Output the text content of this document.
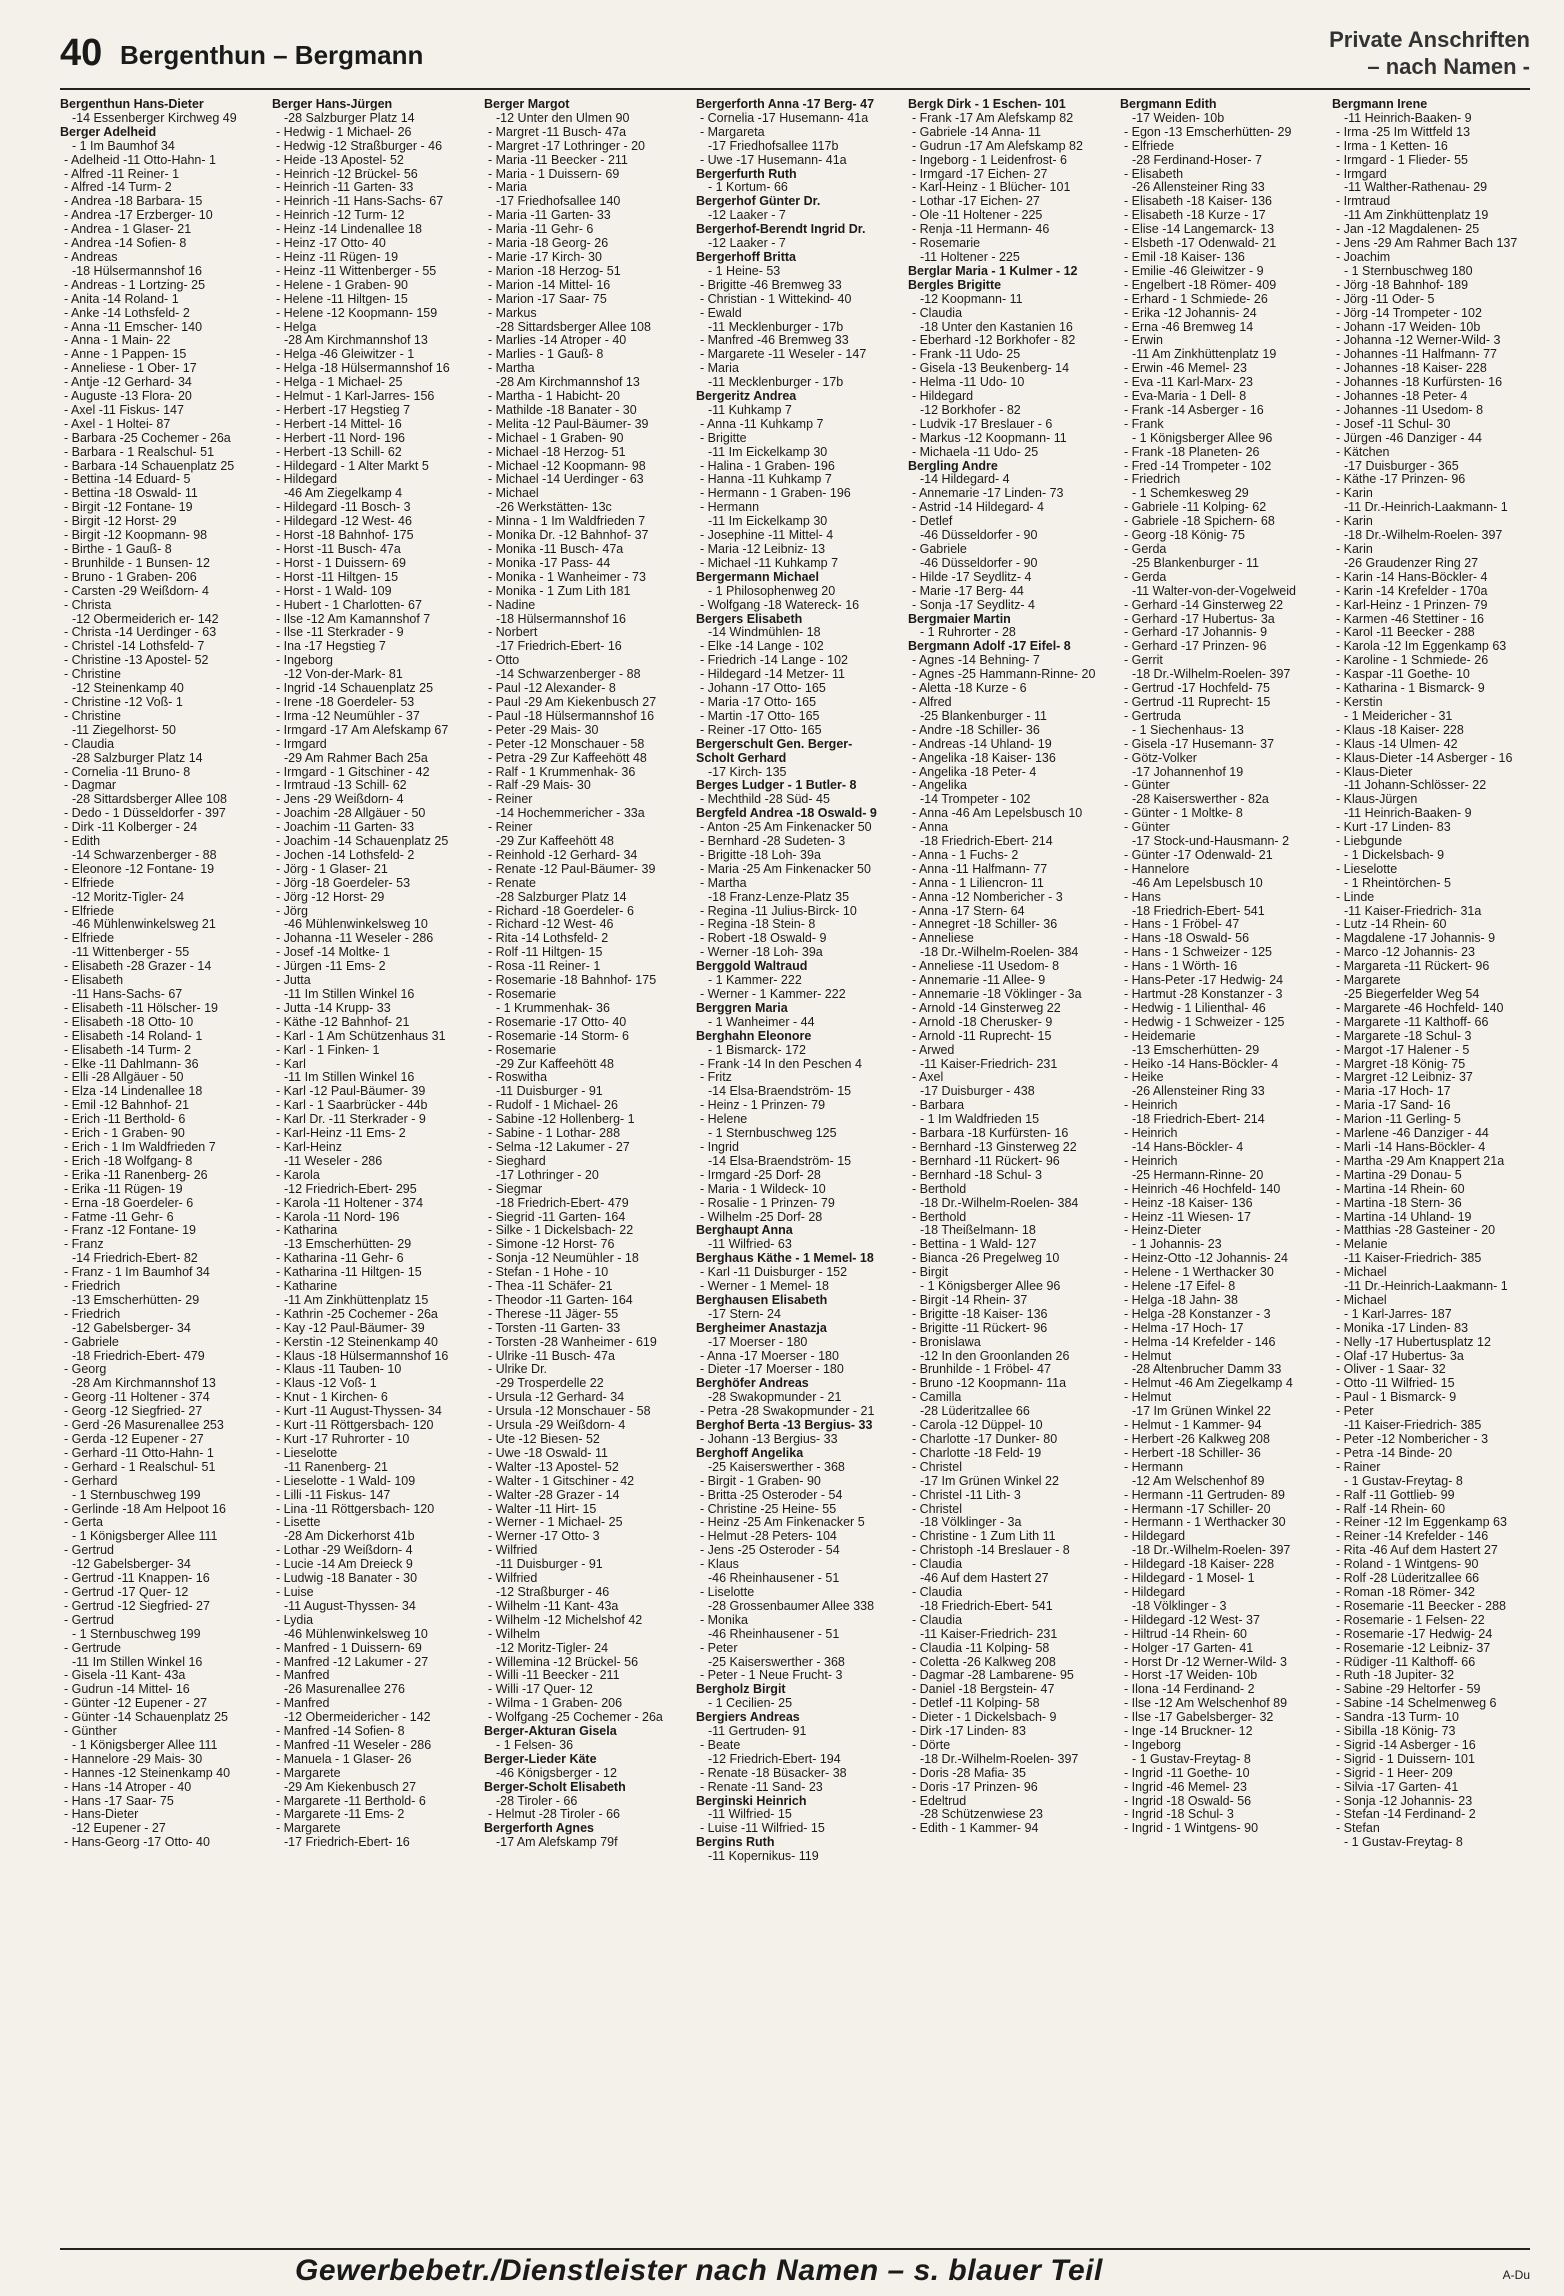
40 Bergenthun – Bergmann
Private Anschriften
– nach Namen -

Bergenthun Hans-Dieter

-14 Essenberger Kirchweg 49

Berger Adelheid

- 1 Im Baumhof 34

- Adelheid -11 Otto-Hahn- 1

- Alfred -11 Reiner- 1

- Alfred -14 Turm- 2

- Andrea -18 Barbara- 15

- Andrea -17 Erzberger- 10

- Andrea - 1 Glaser- 21

- Andrea -14 Sofien- 8

- Andreas

-18 Hülsermannshof 16

- Andreas - 1 Lortzing- 25

- Anita -14 Roland- 1

- Anke -14 Lothsfeld- 2

- Anna -11 Emscher- 140

- Anna - 1 Main- 22

- Anne - 1 Pappen- 15

- Anneliese - 1 Ober- 17

- Antje -12 Gerhard- 34

- Auguste -13 Flora- 20

- Axel -11 Fiskus- 147

- Axel - 1 Holtei- 87

- Barbara -25 Cochemer - 26a

- Barbara - 1 Realschul- 51

- Barbara -14 Schauenplatz 25

- Bettina -14 Eduard- 5

- Bettina -18 Oswald- 11

- Birgit -12 Fontane- 19

- Birgit -12 Horst- 29

- Birgit -12 Koopmann- 98

- Birthe - 1 Gauß- 8

- Brunhilde - 1 Bunsen- 12

- Bruno - 1 Graben- 206

- Carsten -29 Weißdorn- 4

- Christa

-12 Obermeiderich er- 142

- Christa -14 Uerdinger - 63

- Christel -14 Lothsfeld- 7

- Christine -13 Apostel- 52

- Christine

-12 Steinenkamp 40

- Christine -12 Voß- 1

- Christine

-11 Ziegelhorst- 50

- Claudia

-28 Salzburger Platz 14

- Cornelia -11 Bruno- 8

- Dagmar

-28 Sittardsberger Allee 108

- Dedo - 1 Düsseldorfer - 397

- Dirk -11 Kolberger - 24

- Edith

-14 Schwarzenberger - 88

- Eleonore -12 Fontane- 19

- Elfriede

-12 Moritz-Tigler- 24

- Elfriede

-46 Mühlenwinkelsweg 21

- Elfriede

-11 Wittenberger - 55

- Elisabeth -28 Grazer - 14

- Elisabeth

-11 Hans-Sachs- 67

- Elisabeth -11 Hölscher- 19

- Elisabeth -18 Otto- 10

- Elisabeth -14 Roland- 1

- Elisabeth -14 Turm- 2

- Elke -11 Dahlmann- 36

- Elli -28 Allgäuer - 50

- Elza -14 Lindenallee 18

- Emil -12 Bahnhof- 21

- Erich -11 Berthold- 6

- Erich - 1 Graben- 90

- Erich - 1 Im Waldfrieden 7

- Erich -18 Wolfgang- 8

- Erika -11 Ranenberg- 26

- Erika -11 Rügen- 19

- Erna -18 Goerdeler- 6

- Fatme -11 Gehr- 6

- Franz -12 Fontane- 19

- Franz

-14 Friedrich-Ebert- 82

- Franz - 1 Im Baumhof 34

- Friedrich

-13 Emscherhütten- 29

- Friedrich

-12 Gabelsberger- 34

- Gabriele

-18 Friedrich-Ebert- 479

- Georg

-28 Am Kirchmannshof 13

- Georg -11 Holtener - 374

- Georg -12 Siegfried- 27

- Gerd -26 Masurenallee 253

- Gerda -12 Eupener - 27

- Gerhard -11 Otto-Hahn- 1

- Gerhard - 1 Realschul- 51

- Gerhard

- 1 Sternbuschweg 199

- Gerlinde -18 Am Helpoot 16

- Gerta

- 1 Königsberger Allee 111

- Gertrud

-12 Gabelsberger- 34

- Gertrud -11 Knappen- 16

- Gertrud -17 Quer- 12

- Gertrud -12 Siegfried- 27

- Gertrud

- 1 Sternbuschweg 199

- Gertrude

-11 Im Stillen Winkel 16

- Gisela -11 Kant- 43a

- Gudrun -14 Mittel- 16

- Günter -12 Eupener - 27

- Günter -14 Schauenplatz 25

- Günther

- 1 Königsberger Allee 111

- Hannelore -29 Mais- 30

- Hannes -12 Steinenkamp 40

- Hans -14 Atroper - 40

- Hans -17 Saar- 75

- Hans-Dieter

-12 Eupener - 27

- Hans-Georg -17 Otto- 40

Berger Hans-Jürgen

-28 Salzburger Platz 14

- Hedwig - 1 Michael- 26

- Hedwig -12 Straßburger - 46

- Heide -13 Apostel- 52

- Heinrich -12 Brückel- 56

- Heinrich -11 Garten- 33

- Heinrich -11 Hans-Sachs- 67

- Heinrich -12 Turm- 12

- Heinz -14 Lindenallee 18

- Heinz -17 Otto- 40

- Heinz -11 Rügen- 19

- Heinz -11 Wittenberger - 55

- Helene - 1 Graben- 90

- Helene -11 Hiltgen- 15

- Helene -12 Koopmann- 159

- Helga

-28 Am Kirchmannshof 13

- Helga -46 Gleiwitzer - 1

- Helga -18 Hülsermannshof 16

- Helga - 1 Michael- 25

- Helmut - 1 Karl-Jarres- 156

- Herbert -17 Hegstieg 7

- Herbert -14 Mittel- 16

- Herbert -11 Nord- 196

- Herbert -13 Schill- 62

- Hildegard - 1 Alter Markt 5

- Hildegard

-46 Am Ziegelkamp 4

- Hildegard -11 Bosch- 3

- Hildegard -12 West- 46

- Horst -18 Bahnhof- 175

- Horst -11 Busch- 47a

- Horst - 1 Duissern- 69

- Horst -11 Hiltgen- 15

- Horst - 1 Wald- 109

- Hubert - 1 Charlotten- 67

- Ilse -12 Am Kamannshof 7

- Ilse -11 Sterkrader - 9

- Ina -17 Hegstieg 7

- Ingeborg

-12 Von-der-Mark- 81

- Ingrid -14 Schauenplatz 25

- Irene -18 Goerdeler- 53

- Irma -12 Neumühler - 37

- Irmgard -17 Am Alefskamp 67

- Irmgard

-29 Am Rahmer Bach 25a

- Irmgard - 1 Gitschiner - 42

- Irmtraud -13 Schill- 62

- Jens -29 Weißdorn- 4

- Joachim -28 Allgäuer - 50

- Joachim -11 Garten- 33

- Joachim -14 Schauenplatz 25

- Jochen -14 Lothsfeld- 2

- Jörg - 1 Glaser- 21

- Jörg -18 Goerdeler- 53

- Jörg -12 Horst- 29

- Jörg

-46 Mühlenwinkelsweg 10

- Johanna -11 Weseler - 286

- Josef -14 Moltke- 1

- Jürgen -11 Ems- 2

- Jutta

-11 Im Stillen Winkel 16

- Jutta -14 Krupp- 33

- Käthe -12 Bahnhof- 21

- Karl - 1 Am Schützenhaus 31

- Karl - 1 Finken- 1

- Karl

-11 Im Stillen Winkel 16

- Karl -12 Paul-Bäumer- 39

- Karl - 1 Saarbrücker - 44b

- Karl Dr. -11 Sterkrader - 9

- Karl-Heinz -11 Ems- 2

- Karl-Heinz

-11 Weseler - 286

- Karola

-12 Friedrich-Ebert- 295

- Karola -11 Holtener - 374

- Karola -11 Nord- 196

- Katharina

-13 Emscherhütten- 29

- Katharina -11 Gehr- 6

- Katharina -11 Hiltgen- 15

- Katharine

-11 Am Zinkhüttenplatz 15

- Kathrin -25 Cochemer - 26a

- Kay -12 Paul-Bäumer- 39

- Kerstin -12 Steinenkamp 40

- Klaus -18 Hülsermannshof 16

- Klaus -11 Tauben- 10

- Klaus -12 Voß- 1

- Knut - 1 Kirchen- 6

- Kurt -11 August-Thyssen- 34

- Kurt -11 Röttgersbach- 120

- Kurt -17 Ruhrorter - 10

- Lieselotte

-11 Ranenberg- 21

- Lieselotte - 1 Wald- 109

- Lilli -11 Fiskus- 147

- Lina -11 Röttgersbach- 120

- Lisette

-28 Am Dickerhorst 41b

- Lothar -29 Weißdorn- 4

- Lucie -14 Am Dreieck 9

- Ludwig -18 Banater - 30

- Luise

-11 August-Thyssen- 34

- Lydia

-46 Mühlenwinkelsweg 10

- Manfred - 1 Duissern- 69

- Manfred -12 Lakumer - 27

- Manfred

-26 Masurenallee 276

- Manfred

-12 Obermeidericher - 142

- Manfred -14 Sofien- 8

- Manfred -11 Weseler - 286

- Manuela - 1 Glaser- 26

- Margarete

-29 Am Kiekenbusch 27

- Margarete -11 Berthold- 6

- Margarete -11 Ems- 2

- Margarete

-17 Friedrich-Ebert- 16

Berger Margot

-12 Unter den Ulmen 90

- Margret -11 Busch- 47a

- Margret -17 Lothringer - 20

- Maria -11 Beecker - 211

- Maria - 1 Duissern- 69

- Maria

-17 Friedhofsallee 140

- Maria -11 Garten- 33

- Maria -11 Gehr- 6

- Maria -18 Georg- 26

- Marie -17 Kirch- 30

- Marion -18 Herzog- 51

- Marion -14 Mittel- 16

- Marion -17 Saar- 75

- Markus

-28 Sittardsberger Allee 108

- Marlies -14 Atroper - 40

- Marlies - 1 Gauß- 8

- Martha

-28 Am Kirchmannshof 13

- Martha - 1 Habicht- 20

- Mathilde -18 Banater - 30

- Melita -12 Paul-Bäumer- 39

- Michael - 1 Graben- 90

- Michael -18 Herzog- 51

- Michael -12 Koopmann- 98

- Michael -14 Uerdinger - 63

- Michael

-26 Werkstätten- 13c

- Minna - 1 Im Waldfrieden 7

- Monika Dr. -12 Bahnhof- 37

- Monika -11 Busch- 47a

- Monika -17 Pass- 44

- Monika - 1 Wanheimer - 73

- Monika - 1 Zum Lith 181

- Nadine

-18 Hülsermannshof 16

- Norbert

-17 Friedrich-Ebert- 16

- Otto

-14 Schwarzenberger - 88

- Paul -12 Alexander- 8

- Paul -29 Am Kiekenbusch 27

- Paul -18 Hülsermannshof 16

- Peter -29 Mais- 30

- Peter -12 Monschauer - 58

- Petra -29 Zur Kaffeehött 48

- Ralf - 1 Krummenhak- 36

- Ralf -29 Mais- 30

- Reiner

-14 Hochemmericher - 33a

- Reiner

-29 Zur Kaffeehött 48

- Reinhold -12 Gerhard- 34

- Renate -12 Paul-Bäumer- 39

- Renate

-28 Salzburger Platz 14

- Richard -18 Goerdeler- 6

- Richard -12 West- 46

- Rita -14 Lothsfeld- 2

- Rolf -11 Hiltgen- 15

- Rosa -11 Reiner- 1

- Rosemarie -18 Bahnhof- 175

- Rosemarie

- 1 Krummenhak- 36

- Rosemarie -17 Otto- 40

- Rosemarie -14 Storm- 6

- Rosemarie

-29 Zur Kaffeehött 48

- Roswitha

-11 Duisburger - 91

- Rudolf - 1 Michael- 26

- Sabine -12 Hollenberg- 1

- Sabine - 1 Lothar- 288

- Selma -12 Lakumer - 27

- Sieghard

-17 Lothringer - 20

- Siegmar

-18 Friedrich-Ebert- 479

- Siegrid -11 Garten- 164

- Silke - 1 Dickelsbach- 22

- Simone -12 Horst- 76

- Sonja -12 Neumühler - 18

- Stefan - 1 Hohe - 10

- Thea -11 Schäfer- 21

- Theodor -11 Garten- 164

- Therese -11 Jäger- 55

- Torsten -11 Garten- 33

- Torsten -28 Wanheimer - 619

- Ulrike -11 Busch- 47a

- Ulrike Dr.

-29 Trosperdelle 22

- Ursula -12 Gerhard- 34

- Ursula -12 Monschauer - 58

- Ursula -29 Weißdorn- 4

- Ute -12 Biesen- 52

- Uwe -18 Oswald- 11

- Walter -13 Apostel- 52

- Walter - 1 Gitschiner - 42

- Walter -28 Grazer - 14

- Walter -11 Hirt- 15

- Werner - 1 Michael- 25

- Werner -17 Otto- 3

- Wilfried

-11 Duisburger - 91

- Wilfried

-12 Straßburger - 46

- Wilhelm -11 Kant- 43a

- Wilhelm -12 Michelshof 42

- Wilhelm

-12 Moritz-Tigler- 24

- Willemina -12 Brückel- 56

- Willi -11 Beecker - 211

- Willi -17 Quer- 12

- Wilma - 1 Graben- 206

- Wolfgang -25 Cochemer - 26a

Berger-Akturan Gisela

- 1 Felsen- 36

Berger-Lieder Käte

-46 Königsberger - 12

Berger-Scholt Elisabeth

-28 Tiroler - 66

- Helmut -28 Tiroler - 66

Bergerforth Agnes

-17 Am Alefskamp 79f

Bergerforth Anna -17 Berg- 47

- Cornelia -17 Husemann- 41a

- Margareta

-17 Friedhofsallee 117b

- Uwe -17 Husemann- 41a

Bergerfurth Ruth

- 1 Kortum- 66

Bergerhof Günter Dr.

-12 Laaker - 7

Bergerhof-Berendt Ingrid Dr.

-12 Laaker - 7

Bergerhoff Britta

- 1 Heine- 53

- Brigitte -46 Bremweg 33

- Christian - 1 Wittekind- 40

- Ewald

-11 Mecklenburger - 17b

- Manfred -46 Bremweg 33

- Margarete -11 Weseler - 147

- Maria

-11 Mecklenburger - 17b

Bergeritz Andrea

-11 Kuhkamp 7

- Anna -11 Kuhkamp 7

- Brigitte

-11 Im Eickelkamp 30

- Halina - 1 Graben- 196

- Hanna -11 Kuhkamp 7

- Hermann - 1 Graben- 196

- Hermann

-11 Im Eickelkamp 30

- Josephine -11 Mittel- 4

- Maria -12 Leibniz- 13

- Michael -11 Kuhkamp 7

Bergermann Michael

- 1 Philosophenweg 20

- Wolfgang -18 Watereck- 16

Bergers Elisabeth

-14 Windmühlen- 18

- Elke -14 Lange - 102

- Friedrich -14 Lange - 102

- Hildegard -14 Metzer- 11

- Johann -17 Otto- 165

- Maria -17 Otto- 165

- Martin -17 Otto- 165

- Reiner -17 Otto- 165

Bergerschult Gen. Berger-

Scholt Gerhard

-17 Kirch- 135

Berges Ludger - 1 Butler- 8

- Mechthild -28 Süd- 45

Bergfeld Andrea -18 Oswald- 9

- Anton -25 Am Finkenacker 50

- Bernhard -28 Sudeten- 3

- Brigitte -18 Loh- 39a

- Maria -25 Am Finkenacker 50

- Martha

-18 Franz-Lenze-Platz 35

- Regina -11 Julius-Birck- 10

- Regina -18 Stein- 8

- Robert -18 Oswald- 9

- Werner -18 Loh- 39a

Berggold Waltraud

- 1 Kammer- 222

- Werner - 1 Kammer- 222

Berggren Maria

- 1 Wanheimer - 44

Berghahn Eleonore

- 1 Bismarck- 172

- Frank -14 In den Peschen 4

- Fritz

-14 Elsa-Braendström- 15

- Heinz - 1 Prinzen- 79

- Helene

- 1 Sternbuschweg 125

- Ingrid

-14 Elsa-Braendström- 15

- Irmgard -25 Dorf- 28

- Maria - 1 Wildeck- 10

- Rosalie - 1 Prinzen- 79

- Wilhelm -25 Dorf- 28

Berghaupt Anna

-11 Wilfried- 63

Berghaus Käthe - 1 Memel- 18

- Karl -11 Duisburger - 152

- Werner - 1 Memel- 18

Berghausen Elisabeth

-17 Stern- 24

Bergheimer Anastazja

-17 Moerser - 180

- Anna -17 Moerser - 180

- Dieter -17 Moerser - 180

Berghöfer Andreas

-28 Swakopmunder - 21

- Petra -28 Swakopmunder - 21

Berghof Berta -13 Bergius- 33

- Johann -13 Bergius- 33

Berghoff Angelika

-25 Kaiserswerther - 368

- Birgit - 1 Graben- 90

- Britta -25 Osteroder - 54

- Christine -25 Heine- 55

- Heinz -25 Am Finkenacker 5

- Helmut -28 Peters- 104

- Jens -25 Osteroder - 54

- Klaus

-46 Rheinhausener - 51

- Liselotte

-28 Grossenbaumer Allee 338

- Monika

-46 Rheinhausener - 51

- Peter

-25 Kaiserswerther - 368

- Peter - 1 Neue Frucht- 3

Bergholz Birgit

- 1 Cecilien- 25

Bergiers Andreas

-11 Gertruden- 91

- Beate

-12 Friedrich-Ebert- 194

- Renate -18 Büsacker- 38

- Renate -11 Sand- 23

Berginski Heinrich

-11 Wilfried- 15

- Luise -11 Wilfried- 15

Bergins Ruth

-11 Kopernikus- 119

Bergk Dirk - 1 Eschen- 101

- Frank -17 Am Alefskamp 82

- Gabriele -14 Anna- 11

- Gudrun -17 Am Alefskamp 82

- Ingeborg - 1 Leidenfrost- 6

- Irmgard -17 Eichen- 27

- Karl-Heinz - 1 Blücher- 101

- Lothar -17 Eichen- 27

- Ole -11 Holtener - 225

- Renja -11 Hermann- 46

- Rosemarie

-11 Holtener - 225

Berglar Maria - 1 Kulmer - 12

Bergles Brigitte

-12 Koopmann- 11

- Claudia

-18 Unter den Kastanien 16

- Eberhard -12 Borkhofer - 82

- Frank -11 Udo- 25

- Gisela -13 Beukenberg- 14

- Helma -11 Udo- 10

- Hildegard

-12 Borkhofer - 82

- Ludvik -17 Breslauer - 6

- Markus -12 Koopmann- 11

- Michaela -11 Udo- 25

Bergling Andre

-14 Hildegard- 4

- Annemarie -17 Linden- 73

- Astrid -14 Hildegard- 4

- Detlef

-46 Düsseldorfer - 90

- Gabriele

-46 Düsseldorfer - 90

- Hilde -17 Seydlitz- 4

- Marie -17 Berg- 44

- Sonja -17 Seydlitz- 4

Bergmaier Martin

- 1 Ruhrorter - 28

Bergmann Adolf -17 Eifel- 8

- Agnes -14 Behning- 7

- Agnes -25 Hammann-Rinne- 20

- Aletta -18 Kurze - 6

- Alfred

-25 Blankenburger - 11

- Andre -18 Schiller- 36

- Andreas -14 Uhland- 19

- Angelika -18 Kaiser- 136

- Angelika -18 Peter- 4

- Angelika

-14 Trompeter - 102

- Anna -46 Am Lepelsbusch 10

- Anna

-18 Friedrich-Ebert- 214

- Anna - 1 Fuchs- 2

- Anna -11 Halfmann- 77

- Anna - 1 Liliencron- 11

- Anna -12 Nombericher - 3

- Anna -17 Stern- 64

- Annegret -18 Schiller- 36

- Anneliese

-18 Dr.-Wilhelm-Roelen- 384

- Anneliese -11 Usedom- 8

- Annemarie -11 Allee- 9

- Annemarie -18 Vöklinger - 3a

- Arnold -14 Ginsterweg 22

- Arnold -18 Cherusker- 9

- Arnold -11 Ruprecht- 15

- Arwed

-11 Kaiser-Friedrich- 231

- Axel

-17 Duisburger - 438

- Barbara

- 1 Im Waldfrieden 15

- Barbara -18 Kurfürsten- 16

- Bernhard -13 Ginsterweg 22

- Bernhard -11 Rückert- 96

- Bernhard -18 Schul- 3

- Berthold

-18 Dr.-Wilhelm-Roelen- 384

- Berthold

-18 Theißelmann- 18

- Bettina - 1 Wald- 127

- Bianca -26 Pregelweg 10

- Birgit

- 1 Königsberger Allee 96

- Birgit -14 Rhein- 37

- Brigitte -18 Kaiser- 136

- Brigitte -11 Rückert- 96

- Bronislawa

-12 In den Groonlanden 26

- Brunhilde - 1 Fröbel- 47

- Bruno -12 Koopmann- 11a

- Camilla

-28 Lüderitzallee 66

- Carola -12 Düppel- 10

- Charlotte -17 Dunker- 80

- Charlotte -18 Feld- 19

- Christel

-17 Im Grünen Winkel 22

- Christel -11 Lith- 3

- Christel

-18 Völklinger - 3a

- Christine - 1 Zum Lith 11

- Christoph -14 Breslauer - 8

- Claudia

-46 Auf dem Hastert 27

- Claudia

-18 Friedrich-Ebert- 541

- Claudia

-11 Kaiser-Friedrich- 231

- Claudia -11 Kolping- 58

- Coletta -26 Kalkweg 208

- Dagmar -28 Lambarene- 95

- Daniel -18 Bergstein- 47

- Detlef -11 Kolping- 58

- Dieter - 1 Dickelsbach- 9

- Dirk -17 Linden- 83

- Dörte

-18 Dr.-Wilhelm-Roelen- 397

- Doris -28 Mafia- 35

- Doris -17 Prinzen- 96

- Edeltrud

-28 Schützenwiese 23

- Edith - 1 Kammer- 94

Bergmann Edith

-17 Weiden- 10b

- Egon -13 Emscherhütten- 29

- Elfriede

-28 Ferdinand-Hoser- 7

- Elisabeth

-26 Allensteiner Ring 33

- Elisabeth -18 Kaiser- 136

- Elisabeth -18 Kurze - 17

- Elise -14 Langemarck- 13

- Elsbeth -17 Odenwald- 21

- Emil -18 Kaiser- 136

- Emilie -46 Gleiwitzer - 9

- Engelbert -18 Römer- 409

- Erhard - 1 Schmiede- 26

- Erika -12 Johannis- 24

- Erna -46 Bremweg 14

- Erwin

-11 Am Zinkhüttenplatz 19

- Erwin -46 Memel- 23

- Eva -11 Karl-Marx- 23

- Eva-Maria - 1 Dell- 8

- Frank -14 Asberger - 16

- Frank

- 1 Königsberger Allee 96

- Frank -18 Planeten- 26

- Fred -14 Trompeter - 102

- Friedrich

- 1 Schemkesweg 29

- Gabriele -11 Kolping- 62

- Gabriele -18 Spichern- 68

- Georg -18 König- 75

- Gerda

-25 Blankenburger - 11

- Gerda

-11 Walter-von-der-Vogelweid

- Gerhard -14 Ginsterweg 22

- Gerhard -17 Hubertus- 3a

- Gerhard -17 Johannis- 9

- Gerhard -17 Prinzen- 96

- Gerrit

-18 Dr.-Wilhelm-Roelen- 397

- Gertrud -17 Hochfeld- 75

- Gertrud -11 Ruprecht- 15

- Gertruda

- 1 Siechenhaus- 13

- Gisela -17 Husemann- 37

- Götz-Volker

-17 Johannenhof 19

- Günter

-28 Kaiserswerther - 82a

- Günter - 1 Moltke- 8

- Günter

-17 Stock-und-Hausmann- 2

- Günter -17 Odenwald- 21

- Hannelore

-46 Am Lepelsbusch 10

- Hans

-18 Friedrich-Ebert- 541

- Hans - 1 Fröbel- 47

- Hans -18 Oswald- 56

- Hans - 1 Schweizer - 125

- Hans - 1 Wörth- 16

- Hans-Peter -17 Hedwig- 24

- Hartmut -28 Konstanzer - 3

- Hedwig - 1 Lilienthal- 46

- Hedwig - 1 Schweizer - 125

- Heidemarie

-13 Emscherhütten- 29

- Heiko -14 Hans-Böckler- 4

- Heike

-26 Allensteiner Ring 33

- Heinrich

-18 Friedrich-Ebert- 214

- Heinrich

-14 Hans-Böckler- 4

- Heinrich

-25 Hermann-Rinne- 20

- Heinrich -46 Hochfeld- 140

- Heinz -18 Kaiser- 136

- Heinz -11 Wiesen- 17

- Heinz-Dieter

- 1 Johannis- 23

- Heinz-Otto -12 Johannis- 24

- Helene - 1 Werthacker 30

- Helene -17 Eifel- 8

- Helga -18 Jahn- 38

- Helga -28 Konstanzer - 3

- Helma -17 Hoch- 17

- Helma -14 Krefelder - 146

- Helmut

-28 Altenbrucher Damm 33

- Helmut -46 Am Ziegelkamp 4

- Helmut

-17 Im Grünen Winkel 22

- Helmut - 1 Kammer- 94

- Herbert -26 Kalkweg 208

- Herbert -18 Schiller- 36

- Hermann

-12 Am Welschenhof 89

- Hermann -11 Gertruden- 89

- Hermann -17 Schiller- 20

- Hermann - 1 Werthacker 30

- Hildegard

-18 Dr.-Wilhelm-Roelen- 397

- Hildegard -18 Kaiser- 228

- Hildegard - 1 Mosel- 1

- Hildegard

-18 Völklinger - 3

- Hildegard -12 West- 37

- Hiltrud -14 Rhein- 60

- Holger -17 Garten- 41

- Horst Dr -12 Werner-Wild- 3

- Horst -17 Weiden- 10b

- Ilona -14 Ferdinand- 2

- Ilse -12 Am Welschenhof 89

- Ilse -17 Gabelsberger- 32

- Inge -14 Bruckner- 12

- Ingeborg

- 1 Gustav-Freytag- 8

- Ingrid -11 Goethe- 10

- Ingrid -46 Memel- 23

- Ingrid -18 Oswald- 56

- Ingrid -18 Schul- 3

- Ingrid - 1 Wintgens- 90

Bergmann Irene

-11 Heinrich-Baaken- 9

- Irma -25 Im Wittfeld 13

- Irma - 1 Ketten- 16

- Irmgard - 1 Flieder- 55

- Irmgard

-11 Walther-Rathenau- 29

- Irmtraud

-11 Am Zinkhüttenplatz 19

- Jan -12 Magdalenen- 25

- Jens -29 Am Rahmer Bach 137

- Joachim

- 1 Sternbuschweg 180

- Jörg -18 Bahnhof- 189

- Jörg -11 Oder- 5

- Jörg -14 Trompeter - 102

- Johann -17 Weiden- 10b

- Johanna -12 Werner-Wild- 3

- Johannes -11 Halfmann- 77

- Johannes -18 Kaiser- 228

- Johannes -18 Kurfürsten- 16

- Johannes -18 Peter- 4

- Johannes -11 Usedom- 8

- Josef -11 Schul- 30

- Jürgen -46 Danziger - 44

- Kätchen

-17 Duisburger - 365

- Käthe -17 Prinzen- 96

- Karin

-11 Dr.-Heinrich-Laakmann- 1

- Karin

-18 Dr.-Wilhelm-Roelen- 397

- Karin

-26 Graudenzer Ring 27

- Karin -14 Hans-Böckler- 4

- Karin -14 Krefelder - 170a

- Karl-Heinz - 1 Prinzen- 79

- Karmen -46 Stettiner - 16

- Karol -11 Beecker - 288

- Karola -12 Im Eggenkamp 63

- Karoline - 1 Schmiede- 26

- Kaspar -11 Goethe- 10

- Katharina - 1 Bismarck- 9

- Kerstin

- 1 Meidericher - 31

- Klaus -18 Kaiser- 228

- Klaus -14 Ulmen- 42

- Klaus-Dieter -14 Asberger - 16

- Klaus-Dieter

-11 Johann-Schlösser- 22

- Klaus-Jürgen

-11 Heinrich-Baaken- 9

- Kurt -17 Linden- 83

- Liebgunde

- 1 Dickelsbach- 9

- Lieselotte

- 1 Rheintörchen- 5

- Linde

-11 Kaiser-Friedrich- 31a

- Lutz -14 Rhein- 60

- Magdalene -17 Johannis- 9

- Marco -12 Johannis- 23

- Margareta -11 Rückert- 96

- Margarete

-25 Biegerfelder Weg 54

- Margarete -46 Hochfeld- 140

- Margarete -11 Kalthoff- 66

- Margarete -18 Schul- 3

- Margot -17 Halener - 5

- Margret -18 König- 75

- Margret -12 Leibniz- 37

- Maria -17 Hoch- 17

- Maria -17 Sand- 16

- Marion -11 Gerling- 5

- Marlene -46 Danziger - 44

- Marli -14 Hans-Böckler- 4

- Martha -29 Am Knappert 21a

- Martina -29 Donau- 5

- Martina -14 Rhein- 60

- Martina -18 Stern- 36

- Martina -14 Uhland- 19

- Matthias -28 Gasteiner - 20

- Melanie

-11 Kaiser-Friedrich- 385

- Michael

-11 Dr.-Heinrich-Laakmann- 1

- Michael

- 1 Karl-Jarres- 187

- Monika -17 Linden- 83

- Nelly -17 Hubertusplatz 12

- Olaf -17 Hubertus- 3a

- Oliver - 1 Saar- 32

- Otto -11 Wilfried- 15

- Paul - 1 Bismarck- 9

- Peter

-11 Kaiser-Friedrich- 385

- Peter -12 Nombericher - 3

- Petra -14 Binde- 20

- Rainer

- 1 Gustav-Freytag- 8

- Ralf -11 Gottlieb- 99

- Ralf -14 Rhein- 60

- Reiner -12 Im Eggenkamp 63

- Reiner -14 Krefelder - 146

- Rita -46 Auf dem Hastert 27

- Roland - 1 Wintgens- 90

- Rolf -28 Lüderitzallee 66

- Roman -18 Römer- 342

- Rosemarie -11 Beecker - 288

- Rosemarie - 1 Felsen- 22

- Rosemarie -17 Hedwig- 24

- Rosemarie -12 Leibniz- 37

- Rüdiger -11 Kalthoff- 66

- Ruth -18 Jupiter- 32

- Sabine -29 Heltorfer - 59

- Sabine -14 Schelmenweg 6

- Sandra -13 Turm- 10

- Sibilla -18 König- 73

- Sigrid -14 Asberger - 16

- Sigrid - 1 Duissern- 101

- Sigrid - 1 Heer- 209

- Silvia -17 Garten- 41

- Sonja -12 Johannis- 23

- Stefan -14 Ferdinand- 2

- Stefan

- 1 Gustav-Freytag- 8

Gewerbebetr./Dienstleister nach Namen – s. blauer Teil	A-Du
